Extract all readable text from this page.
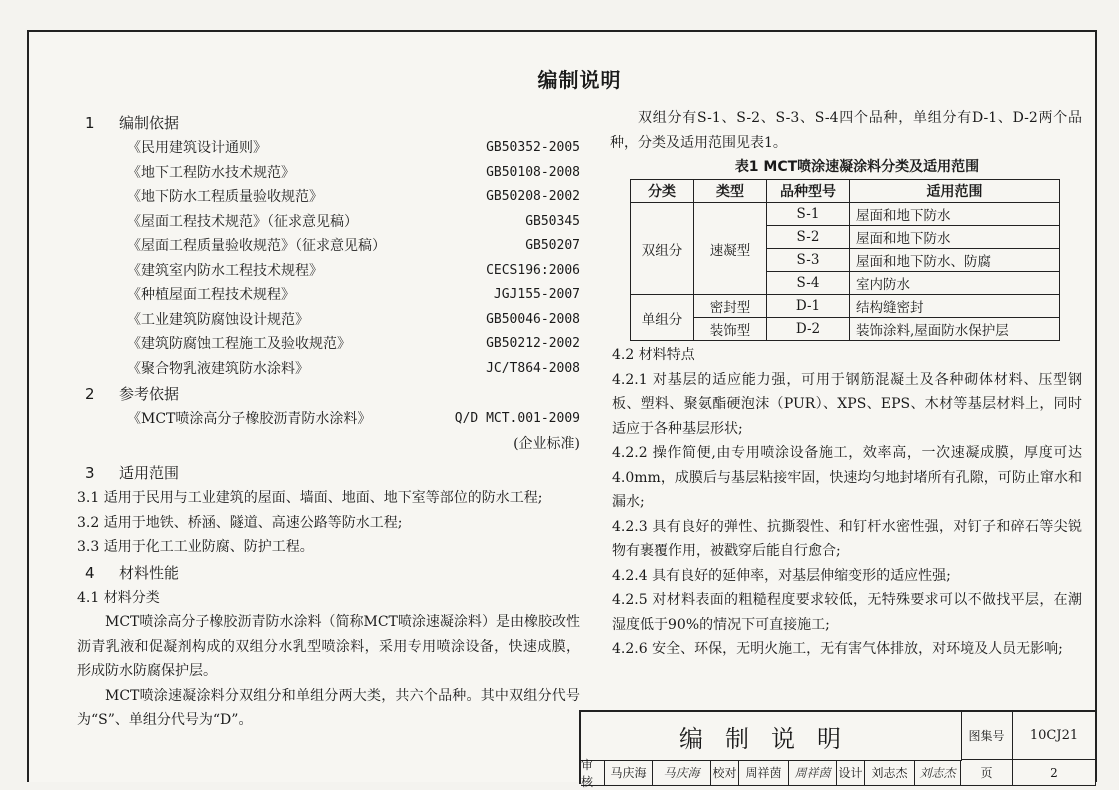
编制说明
1	编制依据
《民用建筑设计通则》	GB50352-2005
《地下工程防水技术规范》	GB50108-2008
《地下防水工程质量验收规范》	GB50208-2002
《屋面工程技术规范》（征求意见稿）	GB50345
《屋面工程质量验收规范》（征求意见稿）	GB50207
《建筑室内防水工程技术规程》	CECS196:2006
《种植屋面工程技术规程》	JGJ155-2007
《工业建筑防腐蚀设计规范》	GB50046-2008
《建筑防腐蚀工程施工及验收规范》	GB50212-2002
《聚合物乳液建筑防水涂料》	JC/T864-2008
2	参考依据
《MCT喷涂高分子橡胶沥青防水涂料》	Q/D MCT.001-2009
(企业标准)
3	适用范围
3.1 适用于民用与工业建筑的屋面、墙面、地面、地下室等部位的防水工程;
3.2 适用于地铁、桥涵、隧道、高速公路等防水工程;
3.3 适用于化工工业防腐、防护工程。
4	材料性能
4.1 材料分类
MCT喷涂高分子橡胶沥青防水涂料（简称MCT喷涂速凝涂料）是由橡胶改性沥青乳液和促凝剂构成的双组分水乳型喷涂料，采用专用喷涂设备，快速成膜，形成防水防腐保护层。
MCT喷涂速凝涂料分双组分和单组分两大类，共六个品种。其中双组分代号为“S”、单组分代号为“D”。
双组分有S-1、S-2、S-3、S-4四个品种，单组分有D-1、D-2两个品种，分类及适用范围见表1。
表1 MCT喷涂速凝涂料分类及适用范围
分类	类型	品种型号	适用范围
双组分	速凝型	S-1	屋面和地下防水
		S-2	屋面和地下防水
		S-3	屋面和地下防水、防腐
		S-4	室内防水
单组分	密封型	D-1	结构缝密封
	装饰型	D-2	装饰涂料,屋面防水保护层
4.2 材料特点
4.2.1 对基层的适应能力强，可用于钢筋混凝土及各种砌体材料、压型钢板、塑料、聚氨酯硬泡沫（PUR）、XPS、EPS、木材等基层材料上，同时适应于各种基层形状;
4.2.2 操作简便,由专用喷涂设备施工，效率高，一次速凝成膜，厚度可达4.0mm，成膜后与基层粘接牢固，快速均匀地封堵所有孔隙，可防止窜水和漏水;
4.2.3 具有良好的弹性、抗撕裂性、和钉杆水密性强，对钉子和碎石等尖锐物有裹覆作用，被戳穿后能自行愈合;
4.2.4 具有良好的延伸率，对基层伸缩变形的适应性强;
4.2.5 对材料表面的粗糙程度要求较低，无特殊要求可以不做找平层，在潮湿度低于90%的情况下可直接施工;
4.2.6 安全、环保，无明火施工，无有害气体排放，对环境及人员无影响;
编制说明	图集号	10CJ21
审核
马庆海	马庆海	校对 周祥茵	周祥茵 设计 刘志杰 刘志杰	页	2
